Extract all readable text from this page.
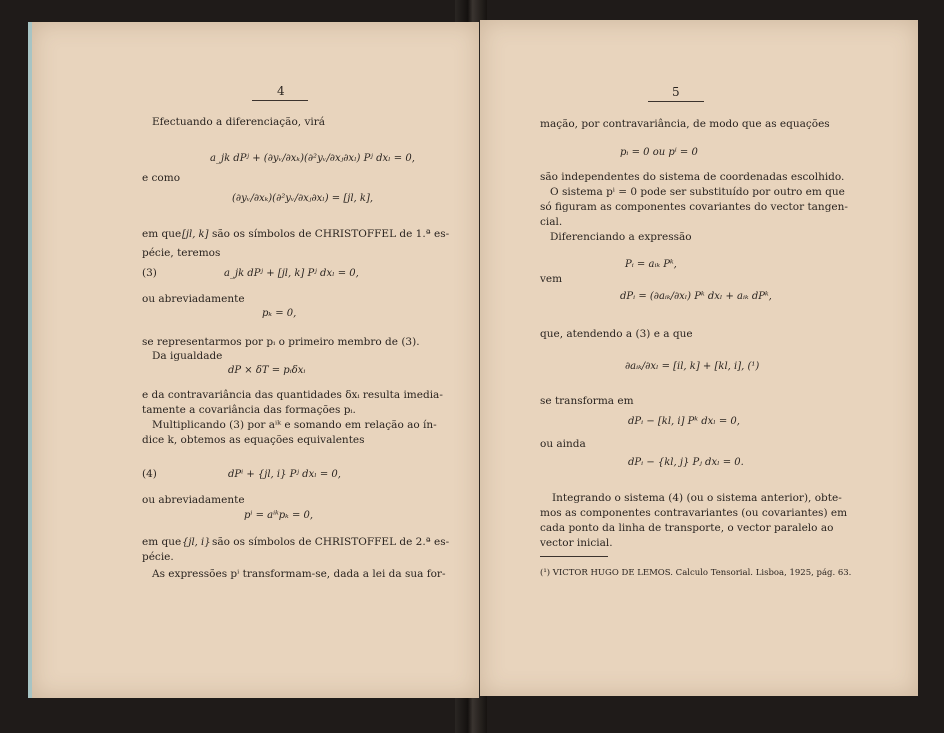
4
Efectuando a diferenciação, virá
a_jk dPʲ + (∂yᵥ/∂xₖ)(∂²yᵥ/∂xⱼ∂xₗ) Pʲ dxₗ = 0,
e como
(∂yᵥ/∂xₖ)(∂²yᵥ/∂xⱼ∂xₗ) = [jl, k],
em que [jl, k] são os símbolos de CHRISTOFFEL de 1.ª es-
pécie, teremos
(3)	a_jk dPʲ + [jl, k] Pʲ dxₗ = 0,
ou abreviadamente
pₖ = 0,
se representarmos por pᵢ o primeiro membro de (3).
Da igualdade
dP × δT = pᵢδxᵢ
e da contravariância das quantidades δxᵢ resulta imedia-
tamente a covariância das formações pᵢ.
Multiplicando (3) por aⁱᵏ e somando em relação ao ín-
dice k, obtemos as equações equivalentes
(4)	dPⁱ + {jl, i} Pʲ dxₗ = 0,
ou abreviadamente
pⁱ = aⁱᵏpₖ = 0,
em que {jl, i} são os símbolos de CHRISTOFFEL de 2.ª es-
pécie.
As expressões pⁱ transformam-se, dada a lei da sua for-
5
mação, por contravariância, de modo que as equações
pᵢ = 0 ou pⁱ = 0
são independentes do sistema de coordenadas escolhido.
O sistema pⁱ = 0 pode ser substituído por outro em que
só figuram as componentes covariantes do vector tangen-
cial.
Diferenciando a expressão
Pᵢ = aᵢₖ Pᵏ,
vem
dPᵢ = (∂aᵢₖ/∂xₗ) Pᵏ dxₗ + aᵢₖ dPᵏ,
que, atendendo a (3) e a que
∂aᵢₖ/∂xₗ = [il, k] + [kl, i], (¹)
se transforma em
dPᵢ − [kl, i] Pᵏ dxₗ = 0,
ou ainda
dPᵢ − {kl, j} Pⱼ dxₗ = 0.
Integrando o sistema (4) (ou o sistema anterior), obte-
mos as componentes contravariantes (ou covariantes) em
cada ponto da linha de transporte, o vector paralelo ao
vector inicial.
(¹) VICTOR HUGO DE LEMOS. Calculo Tensorial. Lisboa, 1925, pág. 63.
